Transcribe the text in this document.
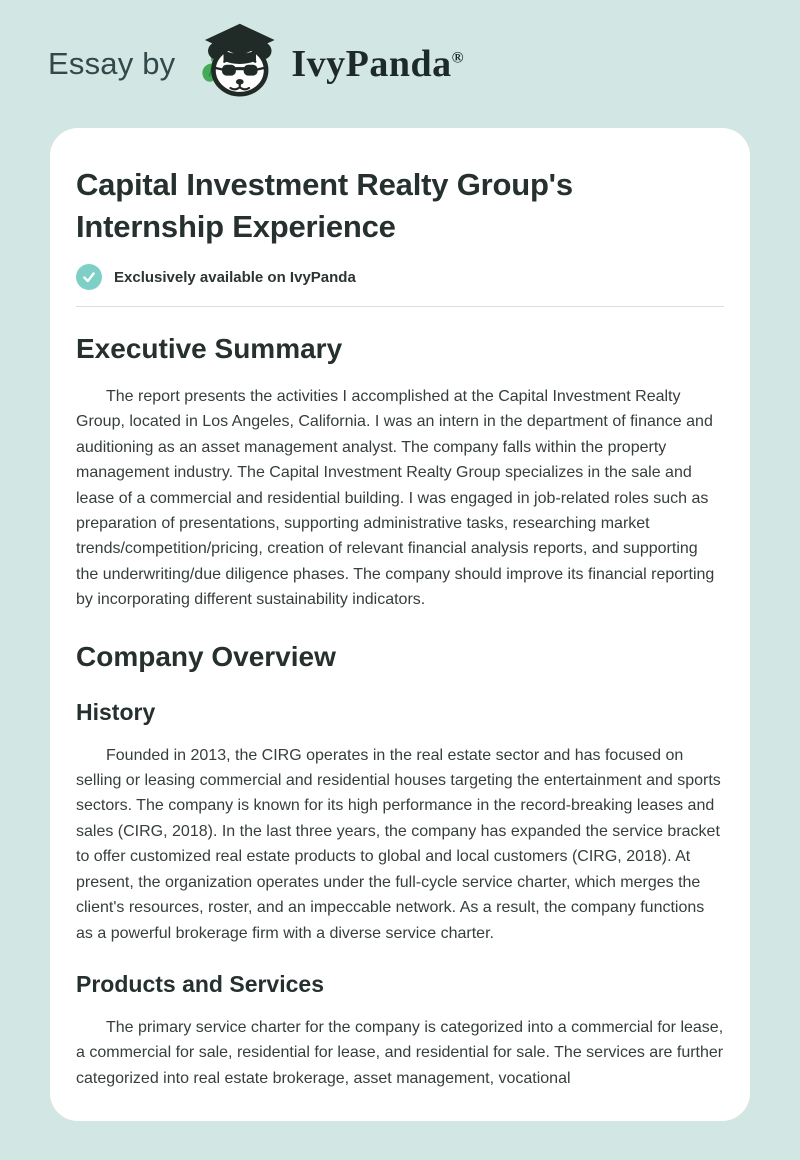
Essay by	IvyPanda®
Capital Investment Realty Group's Internship Experience
Exclusively available on IvyPanda
Executive Summary

The report presents the activities I accomplished at the Capital Investment Realty Group, located in Los Angeles, California. I was an intern in the department of finance and auditioning as an asset management analyst. The company falls within the property management industry. The Capital Investment Realty Group specializes in the sale and lease of a commercial and residential building. I was engaged in job-related roles such as preparation of presentations, supporting administrative tasks, researching market trends/competition/pricing, creation of relevant financial analysis reports, and supporting the underwriting/due diligence phases. The company should improve its financial reporting by incorporating different sustainability indicators.

Company Overview
History

Founded in 2013, the CIRG operates in the real estate sector and has focused on selling or leasing commercial and residential houses targeting the entertainment and sports sectors. The company is known for its high performance in the record-breaking leases and sales (CIRG, 2018). In the last three years, the company has expanded the service bracket to offer customized real estate products to global and local customers (CIRG, 2018). At present, the organization operates under the full-cycle service charter, which merges the client's resources, roster, and an impeccable network. As a result, the company functions as a powerful brokerage firm with a diverse service charter.

Products and Services

The primary service charter for the company is categorized into a commercial for lease, a commercial for sale, residential for lease, and residential for sale. The services are further categorized into real estate brokerage, asset management, vocational
